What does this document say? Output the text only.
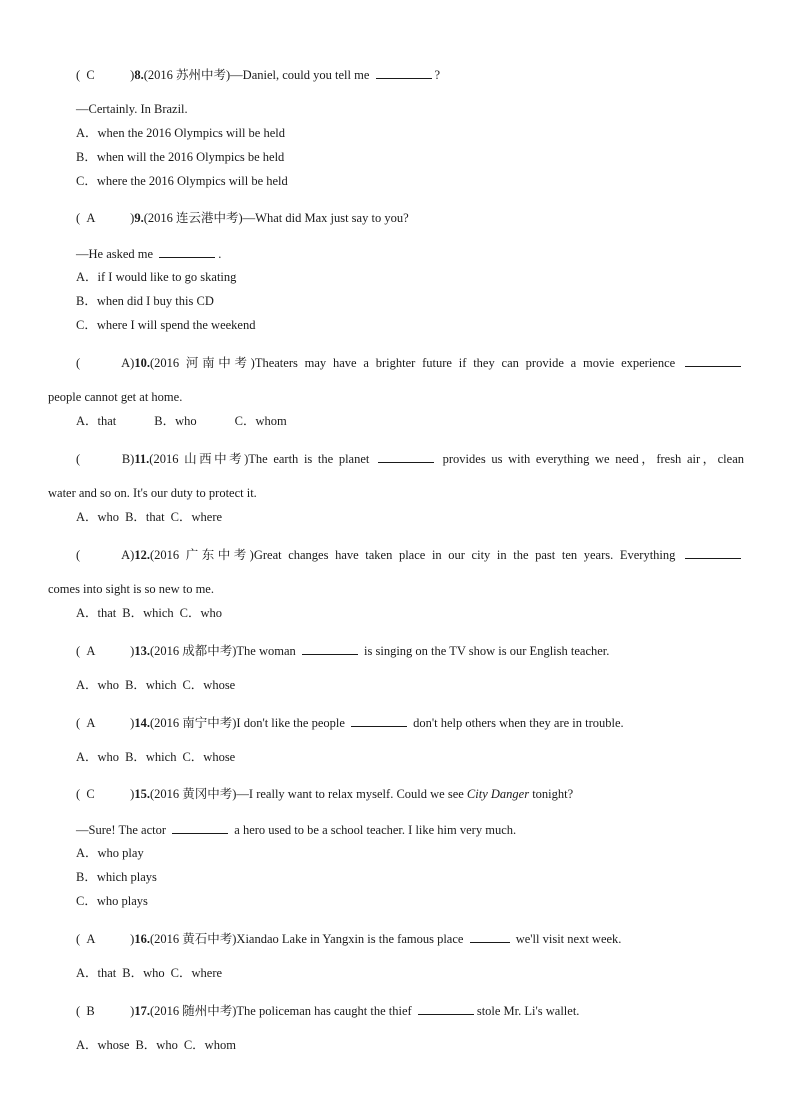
( C	)8.(2016 苏州中考)—Daniel, could you tell me	?
—Certainly. In Brazil.
A．when the 2016 Olympics will be held
B．when will the 2016 Olympics be held
C．where the 2016 Olympics will be held
( A	)9.(2016 连云港中考)—What did Max just say to you?
—He asked me	.
A．if I would like to go skating
B．when did I buy this CD
C．where I will spend the weekend
(	A)10.(2016 河南中考)Theaters may have a brighter future if they can provide a movie experience
people cannot get at home.
A．that	B．who	C．whom
(	B)11.(2016 山西中考)The earth is the planet	provides us with everything we need，fresh air，clean
water and so on. It's our duty to protect it.
A．who B．that C．where
(	A)12.(2016 广东中考)Great changes have taken place in our city in the past ten years. Everything
comes into sight is so new to me.
A．that B．which C．who
( A	)13.(2016 成都中考)The woman	is singing on the TV show is our English teacher.
A．who B．which C．whose
( A	)14.(2016 南宁中考)I don't like the people	don't help others when they are in trouble.
A．who B．which C．whose
( C	)15.(2016 黄冈中考)—I really want to relax myself. Could we see City Danger tonight?
—Sure! The actor	a hero used to be a school teacher. I like him very much.
A．who play
B．which plays
C．who plays
( A	)16.(2016 黄石中考)Xiandao Lake in Yangxin is the famous place	we'll visit next week.
A．that B．who C．where
( B	)17.(2016 随州中考)The policeman has caught the thief	stole Mr. Li's wallet.
A．whose B．who C．whom
